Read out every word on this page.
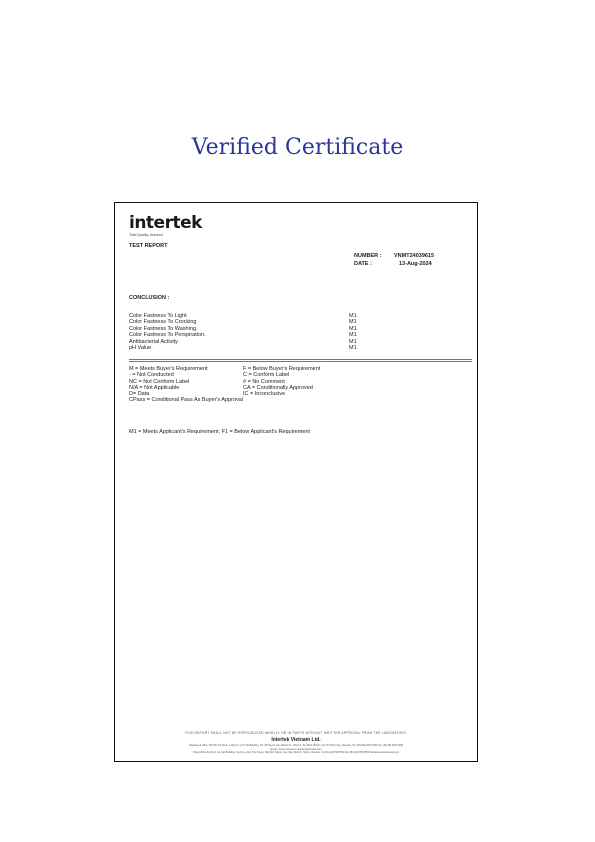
Verified Certificate
intertek
Total Quality. Assured.
TEST REPORT
NUMBER :	VNMT24039615
DATE :	13-Aug-2024
CONCLUSION :
Color Fastness To Light	M1
Color Fastness To Crocking	M1
Color Fastness To Washing.	M1
Color Fastness To Perspiration.	M1
Antibacterial Activity	M1
pH Value.	M1
M = Meets Buyer's Requirement	F = Below Buyer's Requirement
- = Not Conducted	C = Conform Label
NC = Not Conform Label	# = No Comment
N/A = Not Applicable	CA = Conditionally Approved
D= Data	IC = Inconclusive
CPass = Conditional Pass As Buyer's Approval
M1 = Meets Applicant's Requirement; F1 = Below Applicant's Requirement
THIS REPORT SHALL NOT BE REPRODUCED WHOLLY OR IN PARTS WITHOUT WRITTEN APPROVAL FROM THE LABORATORY.
Intertek Vietnam Ltd.
Registered office: 5th-6th-7th Floor, Lobby D, E.O.H.D Building, No. 38 Huynh Lan Khanh St., Ward 2, Tan Binh District, Ho Chi Minh City, Vietnam. Tel: (84-28) 62971099 Fax: (84-28) 62971098
Email: consumergoods.vietnam@intertek.com
Hanoi office 3rd floor, Au Viet Building, No.01 Le Duc Tho Street, Mai Dich Ward, Cau Giay District, Hanoi, Vietnam. Tel:(84-24)37937994 Fax:(84-24)37937995 Website:www.intertek.com
